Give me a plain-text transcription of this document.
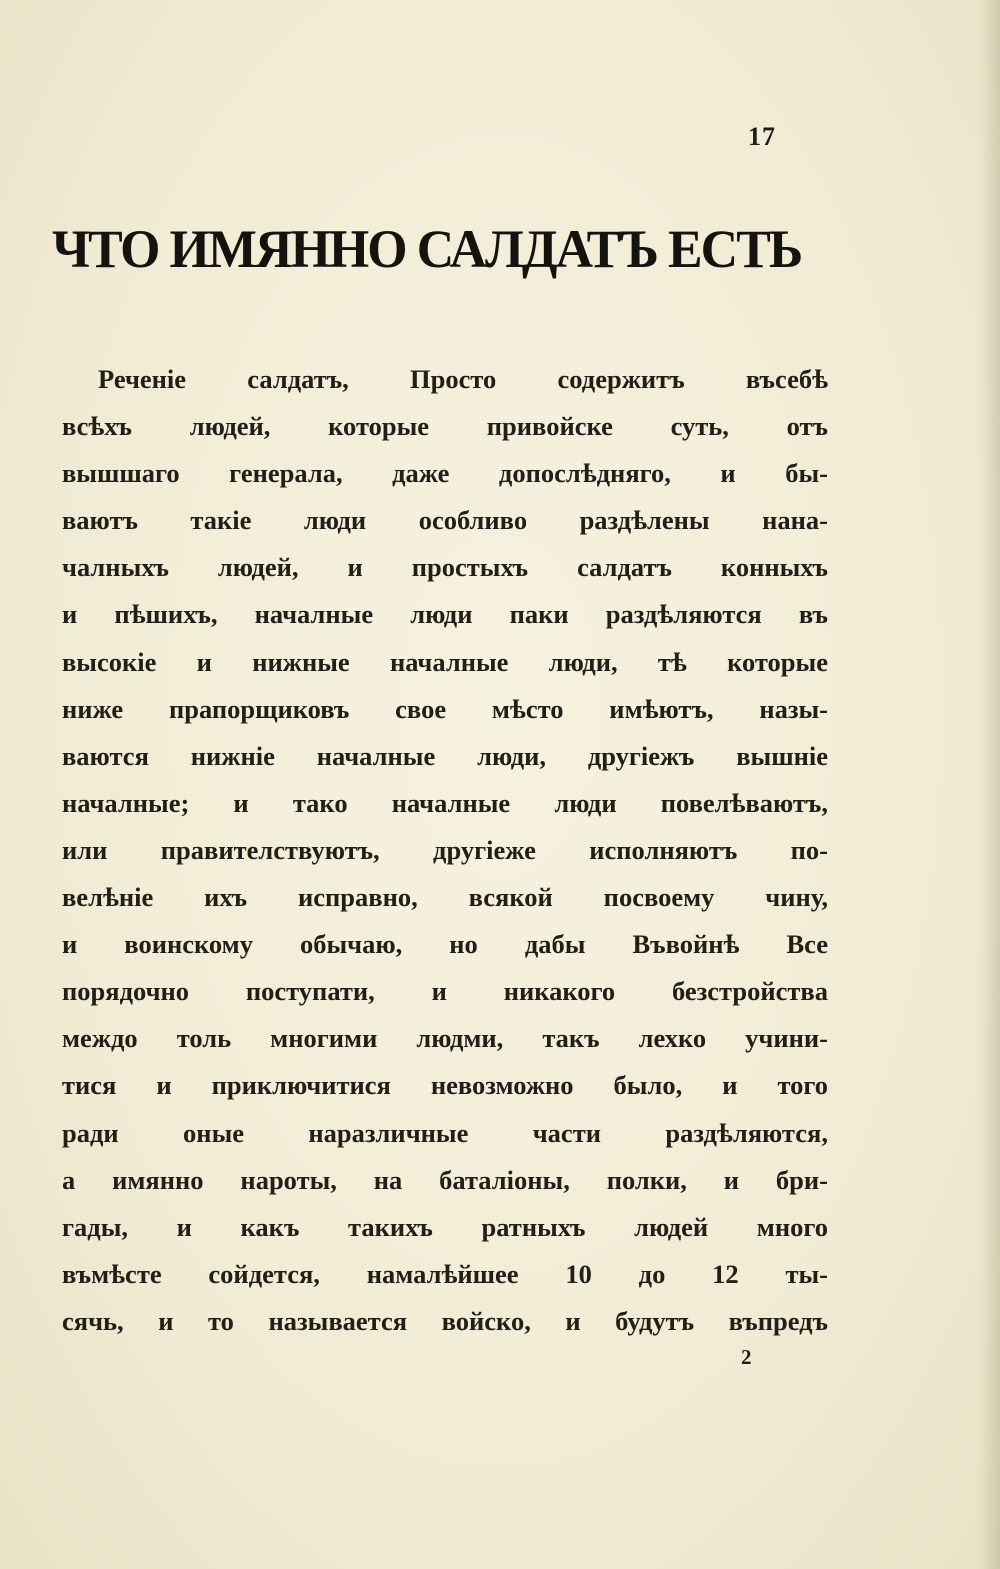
17
ЧТО ИМЯННО САЛДАТЪ ЕСТЬ
Реченіе салдатъ, Просто содержитъ въсебѣ
всѣхъ людей, которые привойске суть, отъ
вышшаго генерала, даже допослѣдняго, и бы-
ваютъ такіе люди особливо раздѣлены нана-
чалныхъ людей, и простыхъ салдатъ конныхъ
и пѣшихъ, началные люди паки раздѣляются въ
высокіе и нижные началные люди, тѣ которые
ниже прапорщиковъ свое мѣсто имѣютъ, назы-
ваются нижніе началные люди, другіежъ вышніе
началные; и тако началные люди повелѣваютъ,
или правителствуютъ, другіеже исполняютъ по-
велѣніе ихъ исправно, всякой посвоему чину,
и воинскому обычаю, но дабы Въвойнѣ Все
порядочно поступати, и никакого безстройства
междо толь многими людми, такъ лехко учини-
тися и приключитися невозможно было, и того
ради оные наразличные части раздѣляются,
а имянно нароты, на баталіоны, полки, и бри-
гады, и какъ такихъ ратныхъ людей много
въмѣсте сойдется, намалѣйшее 10 до 12 ты-
сячь, и то называется войско, и будутъ въпредъ
2
